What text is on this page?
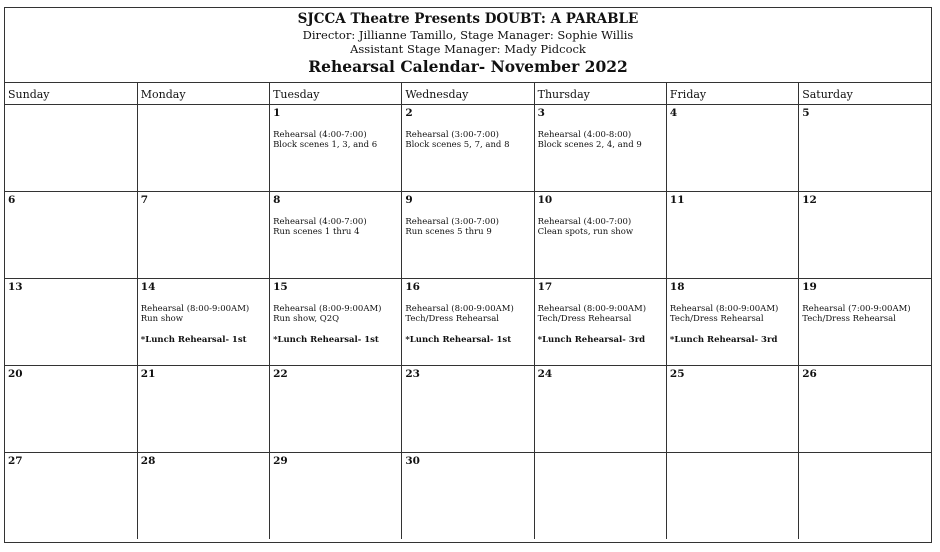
SJCCA Theatre Presents DOUBT: A PARABLE
Director: Jillianne Tamillo, Stage Manager: Sophie Willis
Assistant Stage Manager: Mady Pidcock
Rehearsal Calendar- November 2022
Sunday	Monday	Tuesday	Wednesday	Thursday	Friday	Saturday

		1
Rehearsal (4:00-7:00)
Block scenes 1, 3, and 6	2
Rehearsal (3:00-7:00)
Block scenes 5, 7, and 8	3
Rehearsal (4:00-8:00)
Block scenes 2, 4, and 9	4	5

6	7	8
Rehearsal (4:00-7:00)
Run scenes 1 thru 4	9
Rehearsal (3:00-7:00)
Run scenes 5 thru 9	10
Rehearsal (4:00-7:00)
Clean spots, run show	11	12

13	14
Rehearsal (8:00-9:00AM)
Run show
*Lunch Rehearsal- 1st	15
Rehearsal (8:00-9:00AM)
Run show, Q2Q
*Lunch Rehearsal- 1st	16
Rehearsal (8:00-9:00AM)
Tech/Dress Rehearsal
*Lunch Rehearsal- 1st	17
Rehearsal (8:00-9:00AM)
Tech/Dress Rehearsal
*Lunch Rehearsal- 3rd	18
Rehearsal (8:00-9:00AM)
Tech/Dress Rehearsal
*Lunch Rehearsal- 3rd	19
Rehearsal (7:00-9:00AM)
Tech/Dress Rehearsal

20	21	22	23	24	25	26

27	28	29	30			
